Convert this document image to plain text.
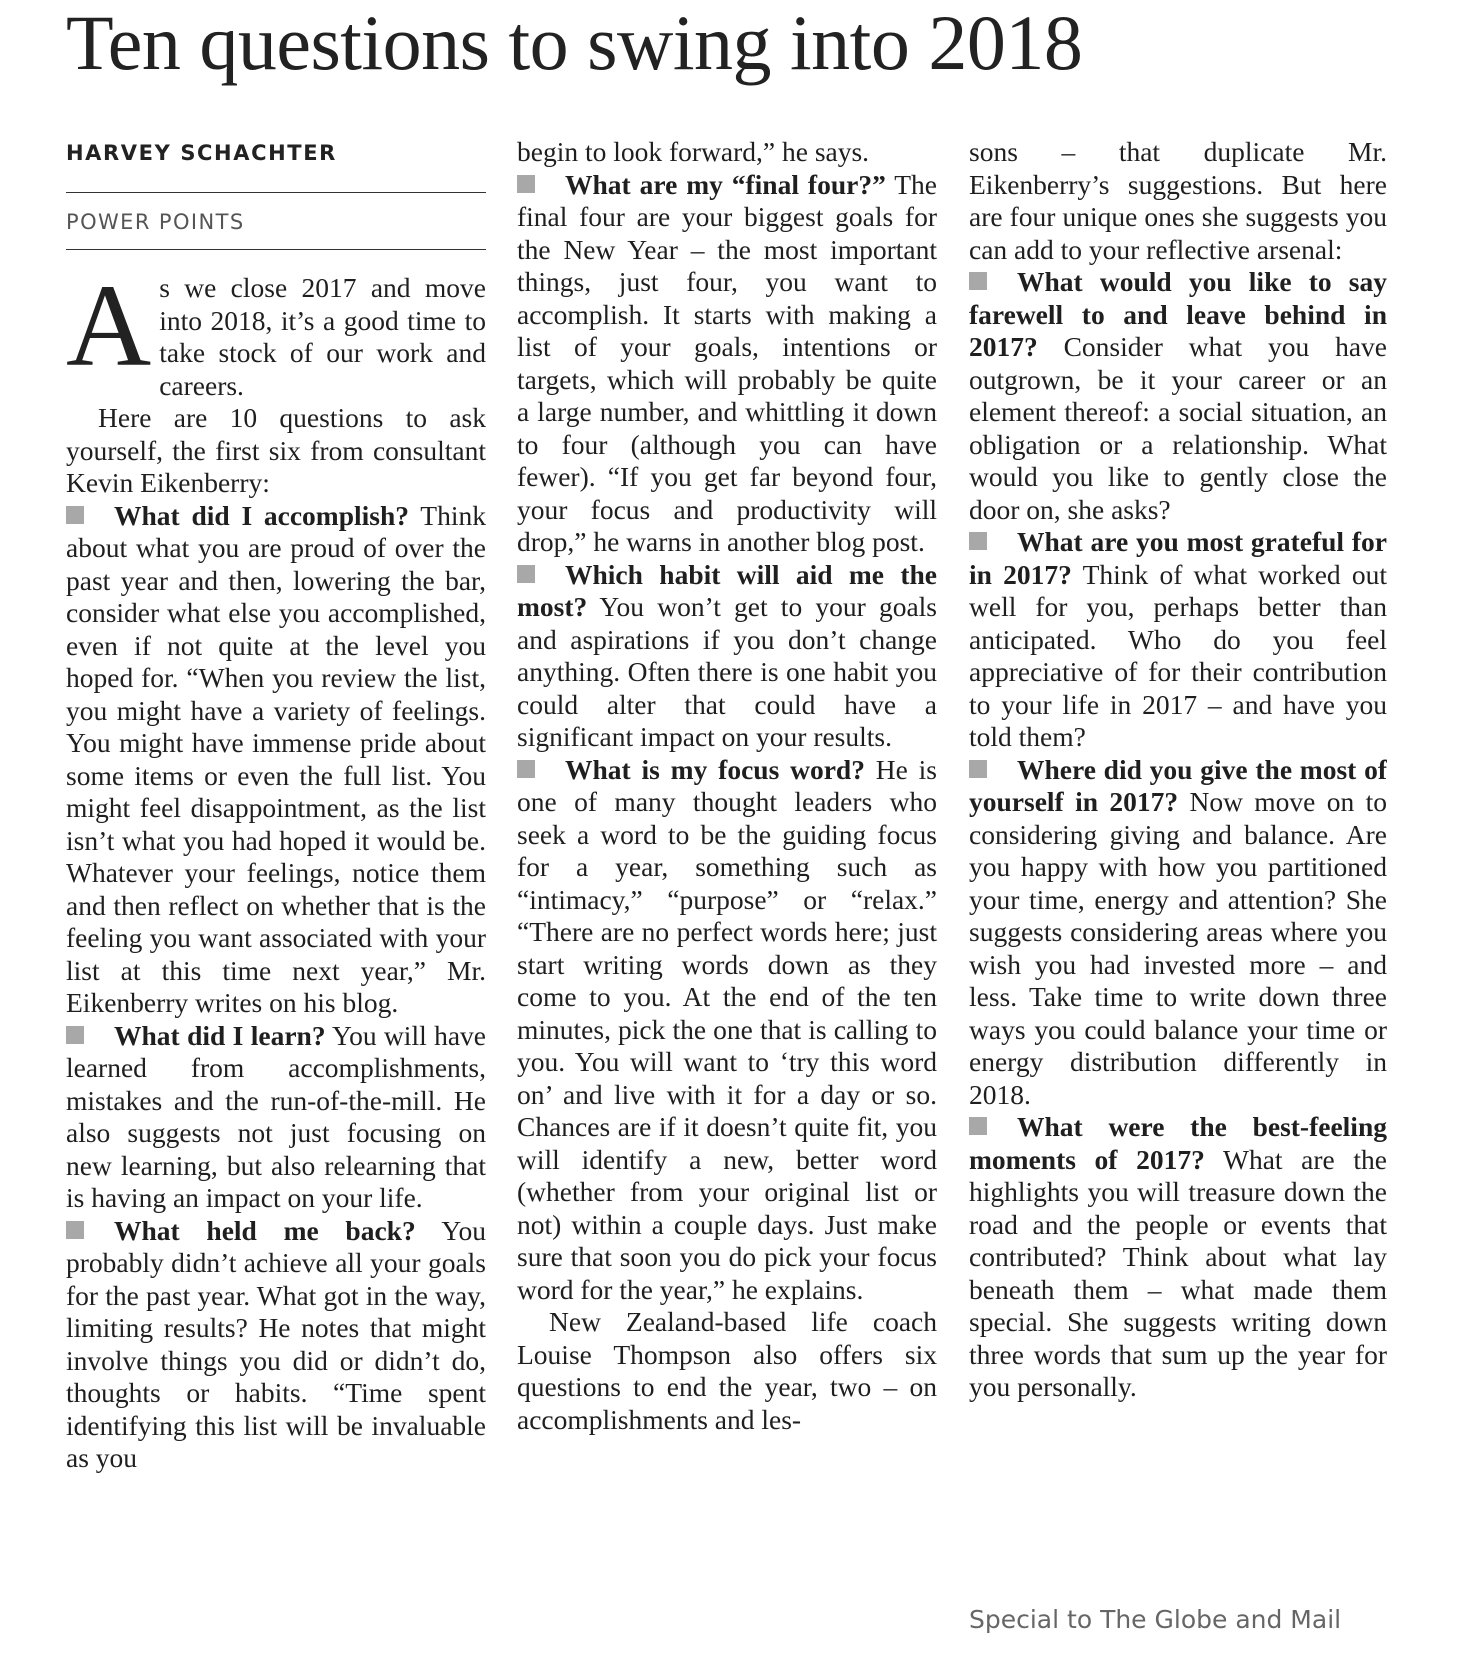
Ten questions to swing into 2018
HARVEY SCHACHTER
POWER POINTS

As we close 2017 and move into 2018, it’s a good time to take stock of our work and careers.

Here are 10 questions to ask yourself, the first six from consultant Kevin Eikenberry:

What did I accomplish? Think about what you are proud of over the past year and then, lowering the bar, consider what else you accomplished, even if not quite at the level you hoped for. “When you review the list, you might have a variety of feelings. You might have immense pride about some items or even the full list. You might feel disappointment, as the list isn’t what you had hoped it would be. Whatever your feelings, notice them and then reflect on whether that is the feeling you want associated with your list at this time next year,” Mr. Eikenberry writes on his blog.

What did I learn? You will have learned from accomplishments, mistakes and the run-of-the-mill. He also suggests not just focusing on new learning, but also relearning that is having an impact on your life.

What held me back? You probably didn’t achieve all your goals for the past year. What got in the way, limiting results? He notes that might involve things you did or didn’t do, thoughts or habits. “Time spent identifying this list will be invaluable as you

begin to look forward,” he says.

What are my “final four?” The final four are your biggest goals for the New Year – the most important things, just four, you want to accomplish. It starts with making a list of your goals, intentions or targets, which will probably be quite a large number, and whittling it down to four (although you can have fewer). “If you get far beyond four, your focus and productivity will drop,” he warns in another blog post.

Which habit will aid me the most? You won’t get to your goals and aspirations if you don’t change anything. Often there is one habit you could alter that could have a significant impact on your results.

What is my focus word? He is one of many thought leaders who seek a word to be the guiding focus for a year, something such as “intimacy,” “purpose” or “relax.” “There are no perfect words here; just start writing words down as they come to you. At the end of the ten minutes, pick the one that is calling to you. You will want to ‘try this word on’ and live with it for a day or so. Chances are if it doesn’t quite fit, you will identify a new, better word (whether from your original list or not) within a couple days. Just make sure that soon you do pick your focus word for the year,” he explains.

New Zealand-based life coach Louise Thompson also offers six questions to end the year, two – on accomplishments and les-

sons – that duplicate Mr. Eikenberry’s suggestions. But here are four unique ones she suggests you can add to your reflective arsenal:

What would you like to say farewell to and leave behind in 2017? Consider what you have outgrown, be it your career or an element thereof: a social situation, an obligation or a relationship. What would you like to gently close the door on, she asks?

What are you most grateful for in 2017? Think of what worked out well for you, perhaps better than anticipated. Who do you feel appreciative of for their contribution to your life in 2017 – and have you told them?

Where did you give the most of yourself in 2017? Now move on to considering giving and balance. Are you happy with how you partitioned your time, energy and attention? She suggests considering areas where you wish you had invested more – and less. Take time to write down three ways you could balance your time or energy distribution differently in 2018.

What were the best-feeling moments of 2017? What are the highlights you will treasure down the road and the people or events that contributed? Think about what lay beneath them – what made them special. She suggests writing down three words that sum up the year for you personally.

Special to The Globe and Mail
